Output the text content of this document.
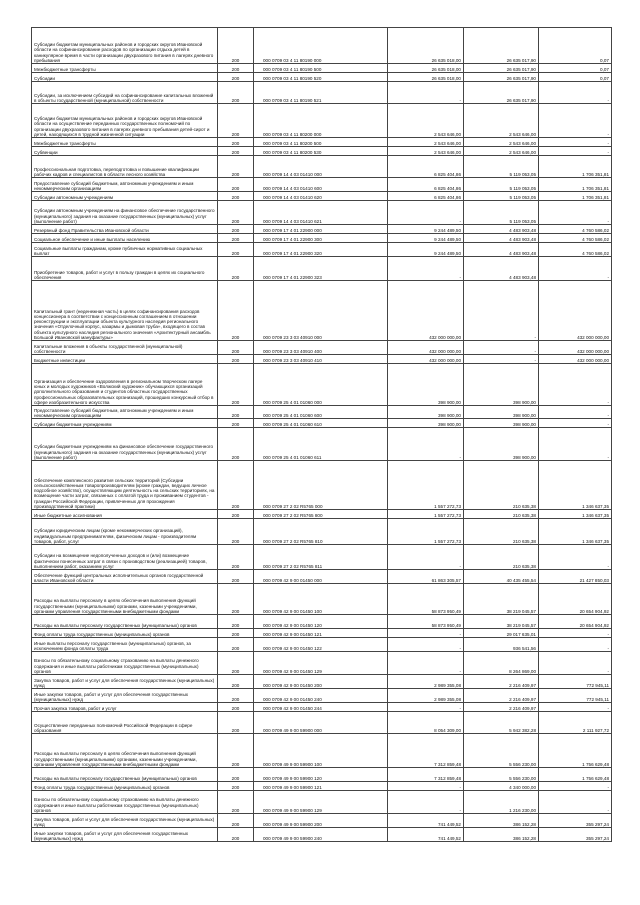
Субсидии бюджетам муниципальных районов и городских округов Ивановской области на софинансирование расходов по организации отдыха детей в каникулярное время в части организации двухразового питания в лагерях дневного пребывания	200	000 0709 03 4 11 80190 000	26 635 018,00	26 635 017,90	0,07
Межбюджетные трансферты	200	000 0709 03 4 11 80190 500	26 635 018,00	26 635 017,90	0,07
Субсидии	200	000 0709 03 4 11 80190 520	26 635 018,00	26 635 017,90	0,07
Субсидии, за исключением субсидий на софинансирование капитальных вложений в объекты государственной (муниципальной) собственности	200	000 0709 03 4 11 80190 521	-	26 635 017,90	-
Субсидии бюджетам муниципальных районов и городских округов Ивановской области на осуществление переданных государственных полномочий по организации двухразового питания в лагерях дневного пребывания детей-сирот и детей, находящихся в трудной жизненной ситуации	200	000 0709 03 4 11 80200 000	2 543 646,00	2 543 646,00	-
Межбюджетные трансферты	200	000 0709 03 4 11 80200 500	2 543 646,00	2 543 646,00	-
Субвенции	200	000 0709 03 4 11 80200 530	2 543 646,00	2 543 646,00	-
Профессиональная подготовка, переподготовка и повышение квалификации рабочих кадров и специалистов в области лесного хозяйства	200	000 0709 14 4 03 01410 000	6 825 404,86	5 119 053,05	1 706 351,81
Предоставление субсидий бюджетным, автономным учреждениям и иным некоммерческим организациям	200	000 0709 14 4 03 01410 600	6 825 404,86	5 119 053,05	1 706 351,81
Субсидии автономным учреждениям	200	000 0709 14 4 03 01410 620	6 825 404,86	5 119 053,05	1 706 351,81
Субсидии автономным учреждениям на финансовое обеспечение государственного (муниципального) задания на оказание государственных (муниципальных) услуг (выполнение работ)	200	000 0709 14 4 03 01410 621	-	5 119 053,05	-
Резервный фонд Правительства Ивановской области	200	000 0709 17 4 01 22900 000	9 244 489,50	4 483 903,48	4 760 586,02
Социальное обеспечение и иные выплаты населению	200	000 0709 17 4 01 22900 300	9 244 489,50	4 483 903,48	4 760 586,02
Социальные выплаты гражданам, кроме публичных нормативных социальных выплат	200	000 0709 17 4 01 22900 320	9 244 489,50	4 483 903,48	4 760 586,02
Приобретение товаров, работ и услуг в пользу граждан в целях их социального обеспечения	200	000 0709 17 4 01 22900 323	-	4 483 903,48	-
Капитальный грант (неденежная часть) в целях софинансирования расходов концессионера в соответствии с концессионным соглашением в отношении реконструкции и эксплуатации объекта культурного наследия регионального значения «Отделочный корпус, казармы и дымовая труба», входящего в состав объекта культурного наследия регионального значения «Архитектурный ансамбль Большой Ивановской мануфактуры»	200	000 0709 23 3 03 40910 000	432 000 000,00	-	432 000 000,00
Капитальные вложения в объекты государственной (муниципальной) собственности	200	000 0709 23 3 03 40910 400	432 000 000,00	-	432 000 000,00
Бюджетные инвестиции	200	000 0709 23 3 03 40910 410	432 000 000,00	-	432 000 000,00
Организация и обеспечение оздоровления в региональном творческом лагере юных и молодых художников «Волжский художник» обучающихся организаций дополнительного образования и студентов областных государственных профессиональных образовательных организаций, прошедших конкурсный отбор в сфере изобразительного искусства	200	000 0709 25 4 01 01060 000	398 900,00	398 900,00	-
Предоставление субсидий бюджетным, автономным учреждениям и иным некоммерческим организациям	200	000 0709 25 4 01 01060 600	398 900,00	398 900,00	-
Субсидии бюджетным учреждениям	200	000 0709 25 4 01 01060 610	398 900,00	398 900,00	-
Субсидии бюджетным учреждениям на финансовое обеспечение государственного (муниципального) задания на оказание государственных (муниципальных) услуг (выполнение работ)	200	000 0709 25 4 01 01060 611	-	398 900,00	-
Обеспечение комплексного развития сельских территорий (Субсидии сельскохозяйственным товаропроизводителям (кроме граждан, ведущих личное подсобное хозяйство), осуществляющим деятельность на сельских территориях, на возмещение части затрат, связанных с оплатой труда и проживанием студентов - граждан Российской Федерации, привлеченных для прохождения производственной практики)	200	000 0709 27 2 02 R5765 000	1 557 272,73	210 635,38	1 346 637,35
Иные бюджетные ассигнования	200	000 0709 27 2 02 R5765 800	1 557 272,73	210 635,38	1 346 637,35
Субсидии юридическим лицам (кроме некоммерческих организаций), индивидуальным предпринимателям, физическим лицам - производителям товаров, работ, услуг	200	000 0709 27 2 02 R5765 810	1 557 272,73	210 635,38	1 346 637,35
Субсидии на возмещение недополученных доходов и (или) возмещение фактически понесенных затрат в связи с производством (реализацией) товаров, выполнением работ, оказанием услуг	200	000 0709 27 2 02 R5765 811	-	210 635,38	-
Обеспечение функций центральных исполнительных органов государственной власти Ивановской области	200	000 0709 42 9 00 01450 000	61 863 305,57	40 435 455,54	21 427 850,03
Расходы на выплаты персоналу в целях обеспечения выполнения функций государственными (муниципальными) органами, казенными учреждениями, органами управления государственными внебюджетными фондами	200	000 0709 42 9 00 01450 100	58 873 950,49	38 219 045,57	20 654 904,92
Расходы на выплаты персоналу государственных (муниципальных) органов	200	000 0709 42 9 00 01450 120	58 873 950,49	38 219 045,57	20 654 904,92
Фонд оплаты труда государственных (муниципальных) органов	200	000 0709 42 9 00 01450 121	-	29 017 635,01	-
Иные выплаты персоналу государственных (муниципальных) органов, за исключением фонда оплаты труда	200	000 0709 42 9 00 01450 122	-	936 541,56	-
Взносы по обязательному социальному страхованию на выплаты денежного содержания и иные выплаты работникам государственных (муниципальных) органов	200	000 0709 42 9 00 01450 129	-	8 264 869,00	-
Закупка товаров, работ и услуг для обеспечения государственных (муниципальных) нужд	200	000 0709 42 9 00 01450 200	2 989 355,08	2 216 409,97	772 945,11
Иные закупки товаров, работ и услуг для обеспечения государственных (муниципальных) нужд	200	000 0709 42 9 00 01450 240	2 989 355,08	2 216 409,97	772 945,11
Прочая закупка товаров, работ и услуг	200	000 0709 42 9 00 01450 244	-	2 216 409,97	-
Осуществление переданных полномочий Российской Федерации в сфере образования	200	000 0709 49 9 00 59900 000	8 054 309,00	5 942 382,28	2 111 927,72
Расходы на выплаты персоналу в целях обеспечения выполнения функций государственными (муниципальными) органами, казенными учреждениями, органами управления государственными внебюджетными фондами	200	000 0709 49 9 00 59900 100	7 312 859,48	5 556 230,00	1 756 629,48
Расходы на выплаты персоналу государственных (муниципальных) органов	200	000 0709 49 9 00 59900 120	7 312 859,48	5 556 230,00	1 756 629,48
Фонд оплаты труда государственных (муниципальных) органов	200	000 0709 49 9 00 59900 121	-	4 340 000,00	-
Взносы по обязательному социальному страхованию на выплаты денежного содержания и иные выплаты работникам государственных (муниципальных) органов	200	000 0709 49 9 00 59900 129	-	1 216 230,00	-
Закупка товаров, работ и услуг для обеспечения государственных (муниципальных) нужд	200	000 0709 49 9 00 59900 200	741 449,52	386 152,28	355 297,24
Иные закупки товаров, работ и услуг для обеспечения государственных (муниципальных) нужд	200	000 0709 49 9 00 59900 240	741 449,52	386 152,28	355 297,24
